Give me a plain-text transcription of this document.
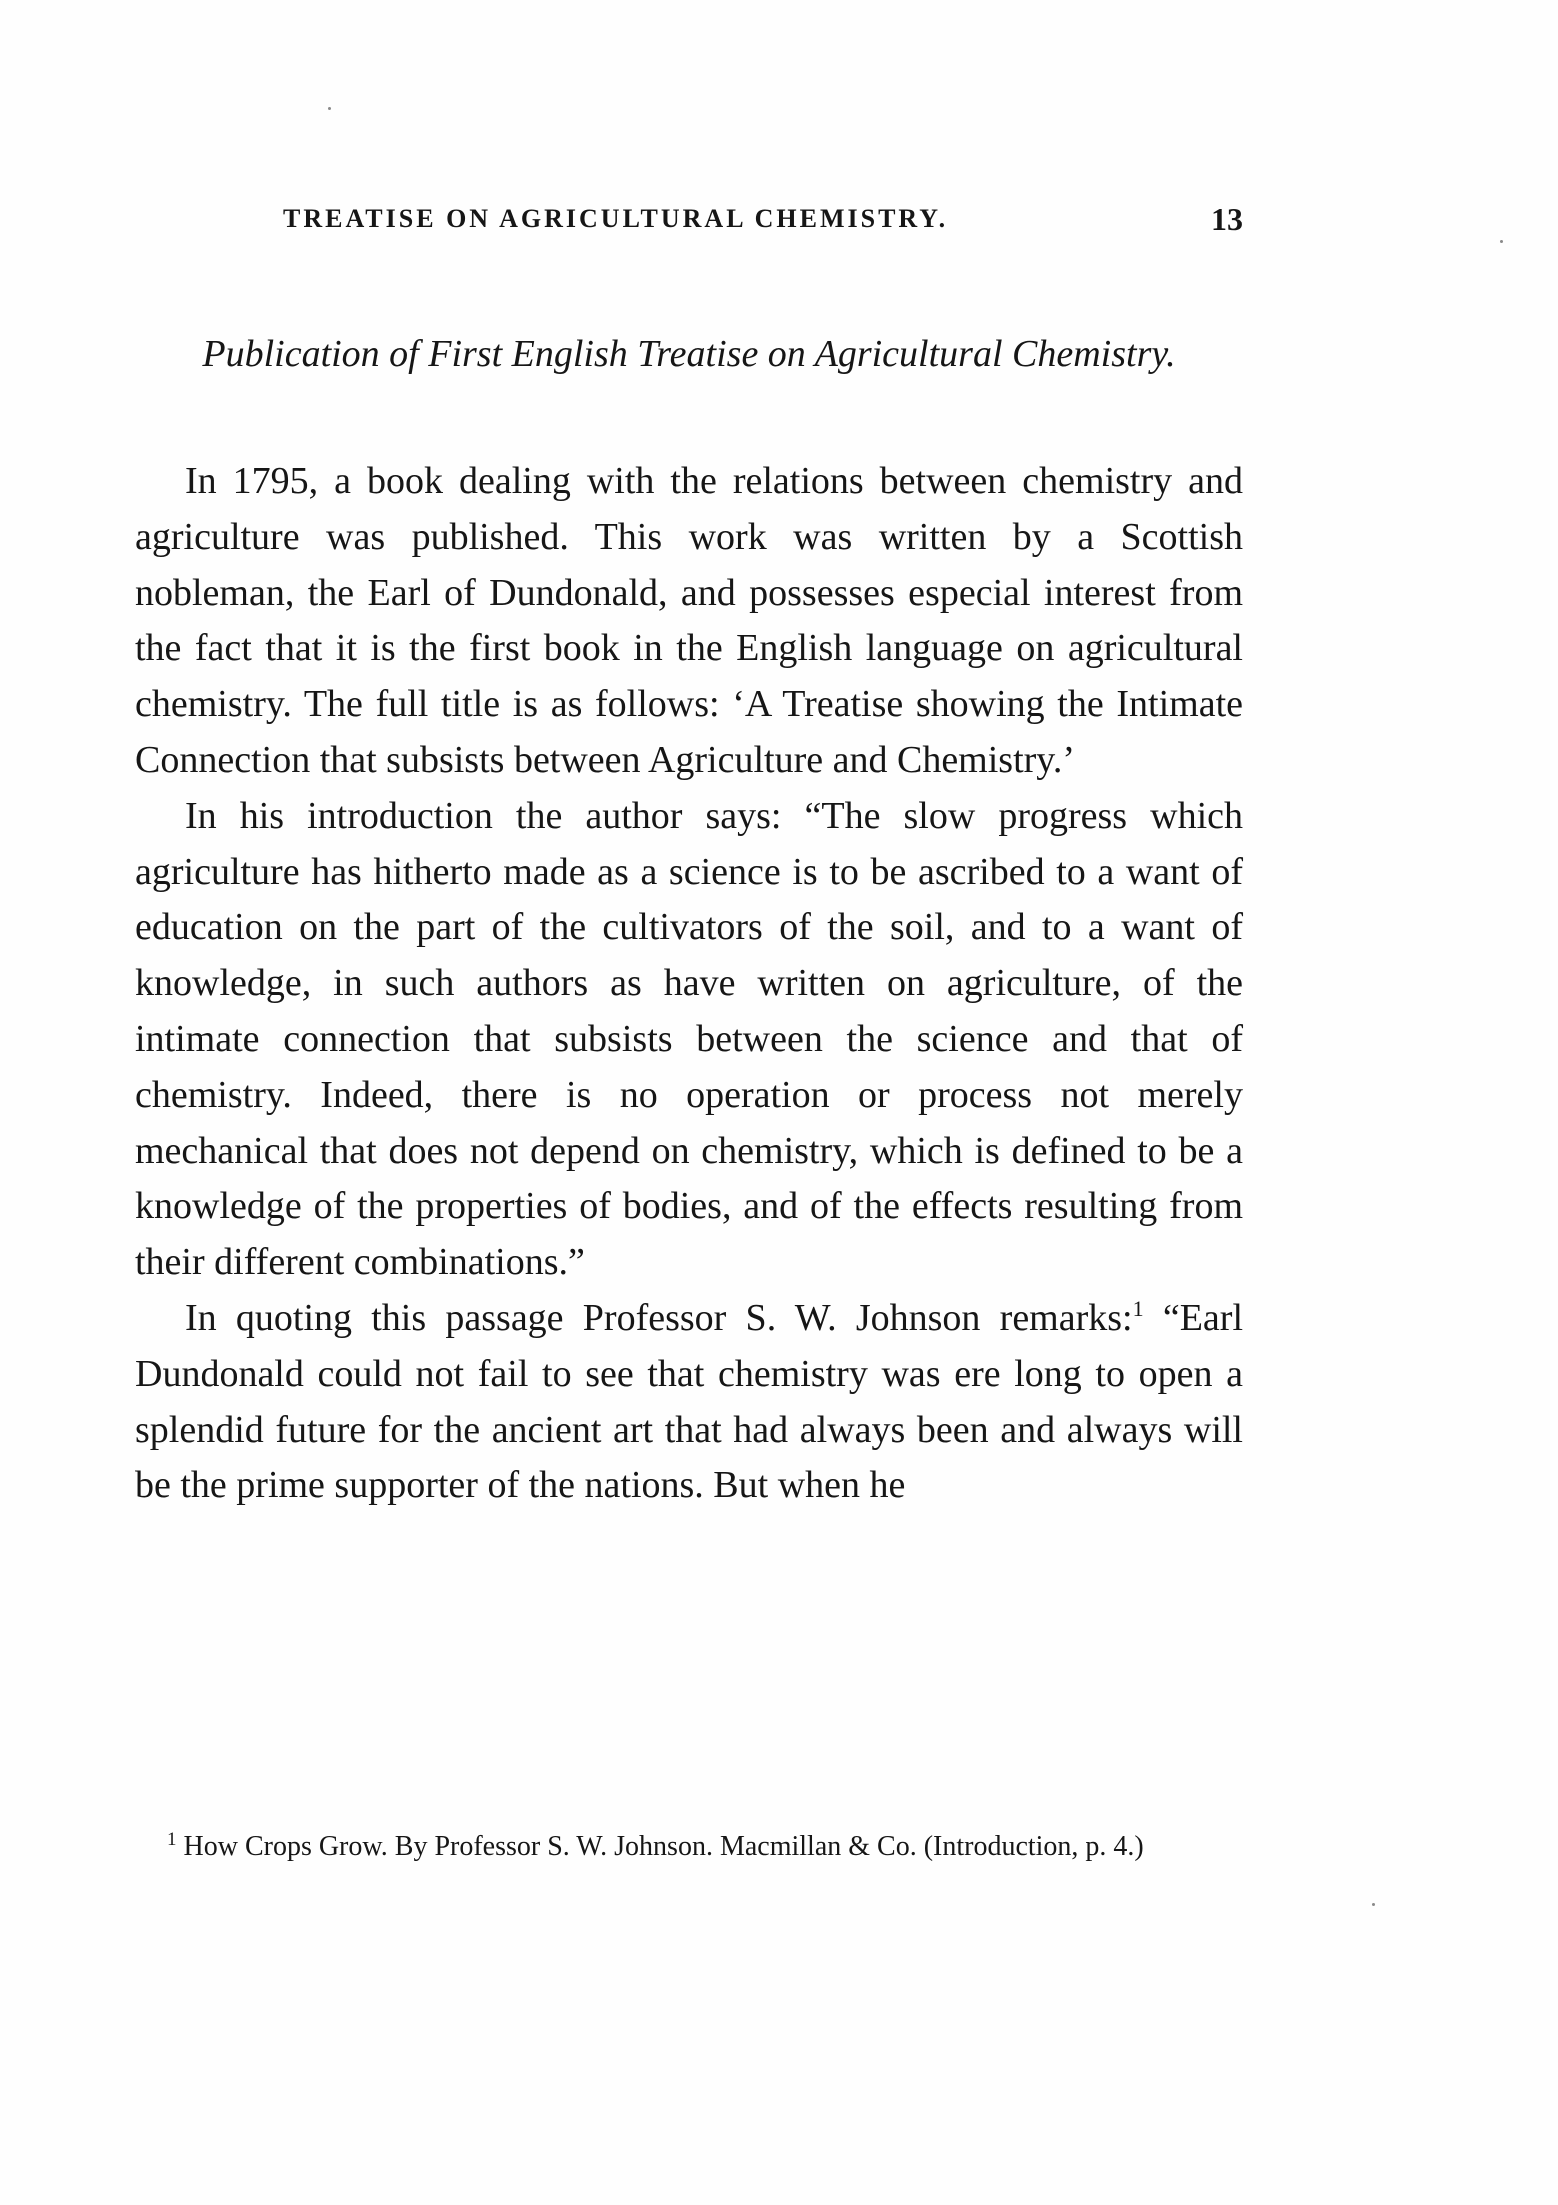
TREATISE ON AGRICULTURAL CHEMISTRY.	13
Publication of First English Treatise on Agricultural Chemistry.

In 1795, a book dealing with the relations between chemistry and agriculture was published. This work was written by a Scottish nobleman, the Earl of Dundonald, and possesses especial interest from the fact that it is the first book in the English language on agricultural chemistry. The full title is as follows: ‘A Treatise showing the Intimate Connection that subsists between Agriculture and Chemistry.’

In his introduction the author says: “The slow progress which agriculture has hitherto made as a science is to be ascribed to a want of education on the part of the cultivators of the soil, and to a want of knowledge, in such authors as have written on agriculture, of the intimate connection that subsists between the science and that of chemistry. Indeed, there is no operation or process not merely mechanical that does not depend on chemistry, which is defined to be a knowledge of the properties of bodies, and of the effects resulting from their different combinations.”

In quoting this passage Professor S. W. Johnson remarks:$^1$ “Earl Dundonald could not fail to see that chemistry was ere long to open a splendid future for the ancient art that had always been and always will be the prime supporter of the nations. But when he

$^1$ How Crops Grow. By Professor S. W. Johnson. Macmillan & Co. (Introduction, p. 4.)
